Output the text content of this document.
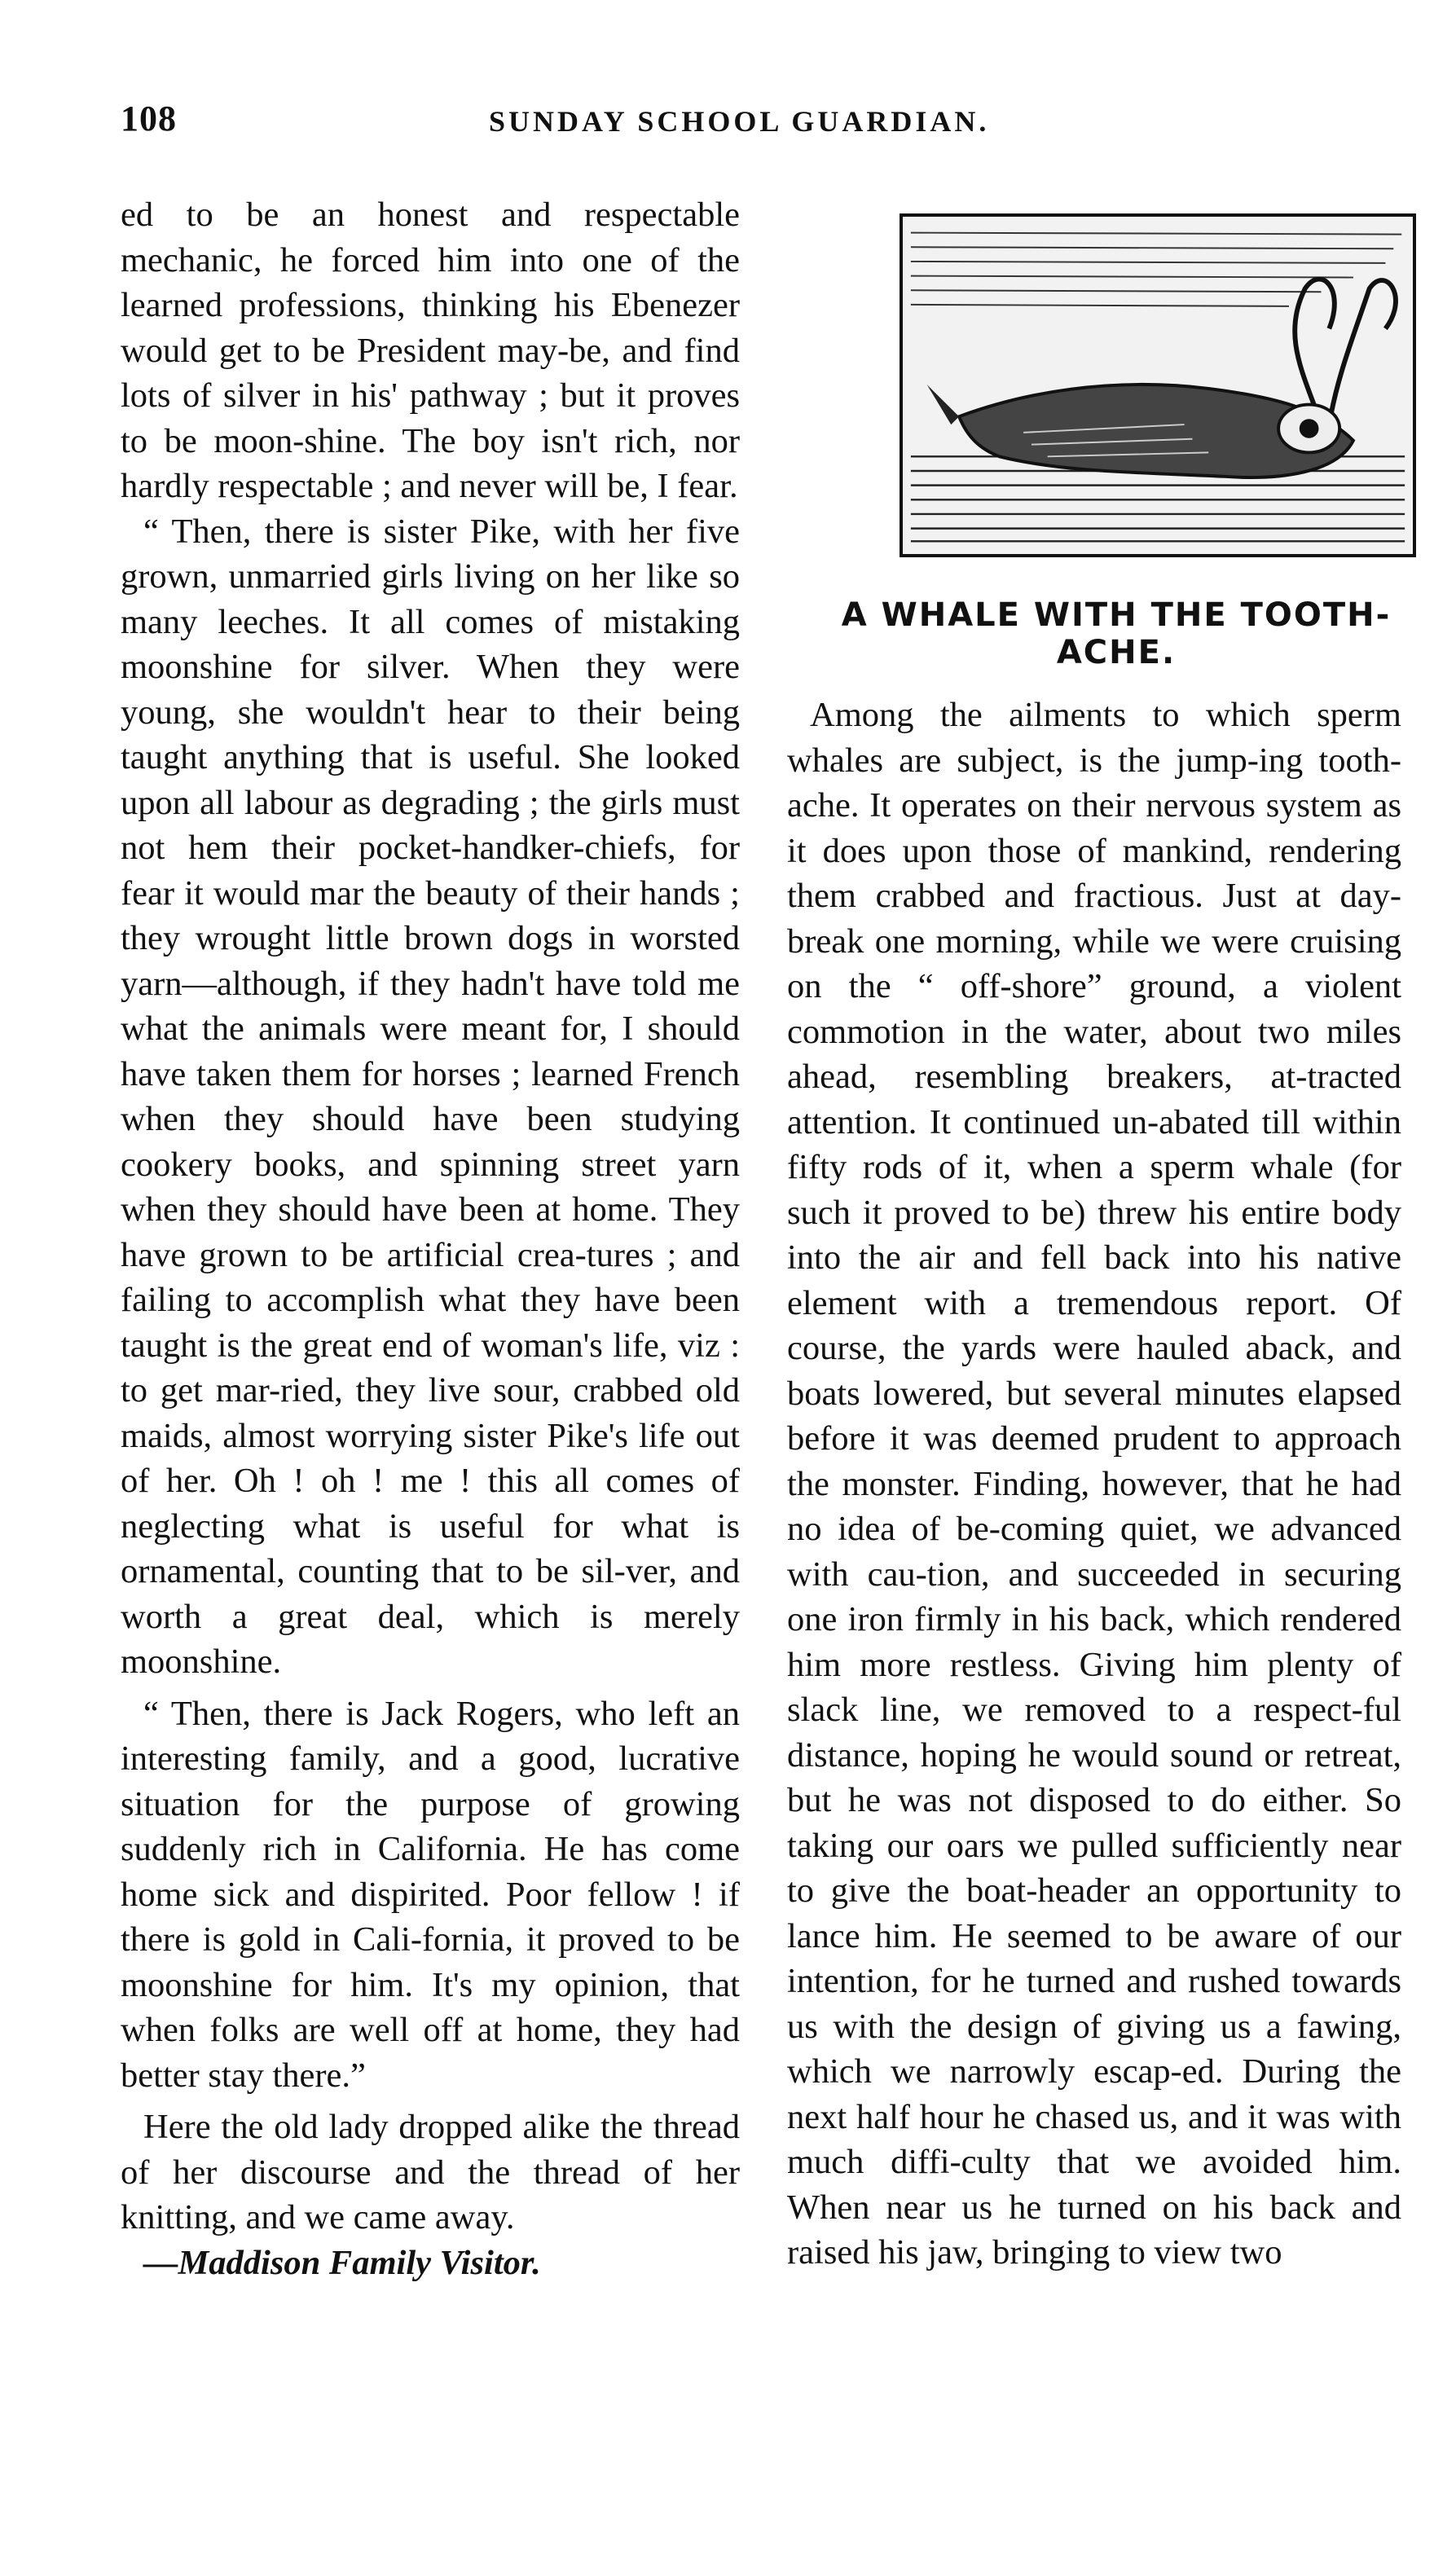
108	SUNDAY SCHOOL GUARDIAN.

ed to be an honest and respectable mechanic, he forced him into one of the learned professions, thinking his Ebenezer would get to be President may-be, and find lots of silver in his' pathway ; but it proves to be moon-shine. The boy isn't rich, nor hardly respectable ; and never will be, I fear.

“ Then, there is sister Pike, with her five grown, unmarried girls living on her like so many leeches. It all comes of mistaking moonshine for silver. When they were young, she wouldn't hear to their being taught anything that is useful. She looked upon all labour as degrading ; the girls must not hem their pocket-handker-chiefs, for fear it would mar the beauty of their hands ; they wrought little brown dogs in worsted yarn—although, if they hadn't have told me what the animals were meant for, I should have taken them for horses ; learned French when they should have been studying cookery books, and spinning street yarn when they should have been at home. They have grown to be artificial crea-tures ; and failing to accomplish what they have been taught is the great end of woman's life, viz : to get mar-ried, they live sour, crabbed old maids, almost worrying sister Pike's life out of her. Oh ! oh ! me ! this all comes of neglecting what is useful for what is ornamental, counting that to be sil-ver, and worth a great deal, which is merely moonshine.

“ Then, there is Jack Rogers, who left an interesting family, and a good, lucrative situation for the purpose of growing suddenly rich in California. He has come home sick and dispirited. Poor fellow ! if there is gold in Cali-fornia, it proved to be moonshine for him. It's my opinion, that when folks are well off at home, they had better stay there.”

Here the old lady dropped alike the thread of her discourse and the thread of her knitting, and we came away.

—Maddison Family Visitor.

A WHALE WITH THE TOOTH-ACHE.

Among the ailments to which sperm whales are subject, is the jump-ing tooth-ache. It operates on their nervous system as it does upon those of mankind, rendering them crabbed and fractious. Just at day-break one morning, while we were cruising on the “ off-shore” ground, a violent commotion in the water, about two miles ahead, resembling breakers, at-tracted attention. It continued un-abated till within fifty rods of it, when a sperm whale (for such it proved to be) threw his entire body into the air and fell back into his native element with a tremendous report. Of course, the yards were hauled aback, and boats lowered, but several minutes elapsed before it was deemed prudent to approach the monster. Finding, however, that he had no idea of be-coming quiet, we advanced with cau-tion, and succeeded in securing one iron firmly in his back, which rendered him more restless. Giving him plenty of slack line, we removed to a respect-ful distance, hoping he would sound or retreat, but he was not disposed to do either. So taking our oars we pulled sufficiently near to give the boat-header an opportunity to lance him. He seemed to be aware of our intention, for he turned and rushed towards us with the design of giving us a fawing, which we narrowly escap-ed. During the next half hour he chased us, and it was with much diffi-culty that we avoided him. When near us he turned on his back and raised his jaw, bringing to view two
